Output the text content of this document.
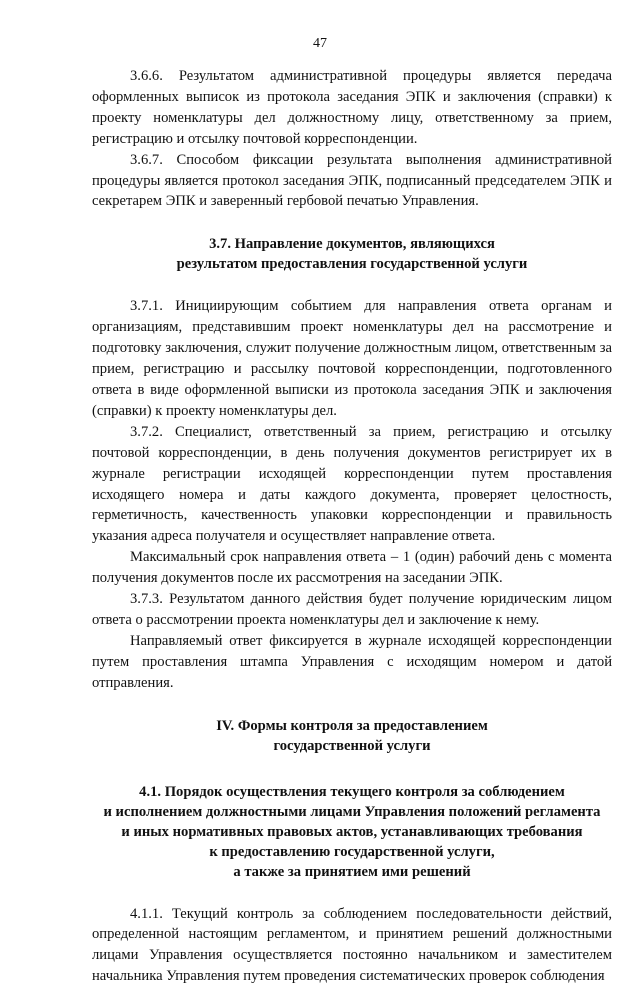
47

3.6.6. Результатом административной процедуры является передача оформленных выписок из протокола заседания ЭПК и заключения (справки) к проекту номенклатуры дел должностному лицу, ответственному за прием, регистрацию и отсылку почтовой корреспонденции.

3.6.7. Способом фиксации результата выполнения административной процедуры является протокол заседания ЭПК, подписанный председателем ЭПК и секретарем ЭПК и заверенный гербовой печатью Управления.

3.7. Направление документов, являющихся
результатом предоставления государственной услуги

3.7.1. Инициирующим событием для направления ответа органам и организациям, представившим проект номенклатуры дел на рассмотрение и подготовку заключения, служит получение должностным лицом, ответственным за прием, регистрацию и рассылку почтовой корреспонденции, подготовленного ответа в виде оформленной выписки из протокола заседания ЭПК и заключения (справки) к проекту номенклатуры дел.

3.7.2. Специалист, ответственный за прием, регистрацию и отсылку почтовой корреспонденции, в день получения документов регистрирует их в журнале регистрации исходящей корреспонденции путем проставления исходящего номера и даты каждого документа, проверяет целостность, герметичность, качественность упаковки корреспонденции и правильность указания адреса получателя и осуществляет направление ответа.

Максимальный срок направления ответа – 1 (один) рабочий день с момента получения документов после их рассмотрения на заседании ЭПК.

3.7.3. Результатом данного действия будет получение юридическим лицом ответа о рассмотрении проекта номенклатуры дел и заключение к нему.

Направляемый ответ фиксируется в журнале исходящей корреспонденции путем проставления штампа Управления с исходящим номером и датой отправления.

IV. Формы контроля за предоставлением
государственной услуги
4.1. Порядок осуществления текущего контроля за соблюдением
и исполнением должностными лицами Управления положений регламента
и иных нормативных правовых актов, устанавливающих требования
к предоставлению государственной услуги,
а также за принятием ими решений

4.1.1. Текущий контроль за соблюдением последовательности действий, определенной настоящим регламентом, и принятием решений должностными лицами Управления осуществляется постоянно начальником и заместителем начальника Управления путем проведения систематических проверок соблюдения
